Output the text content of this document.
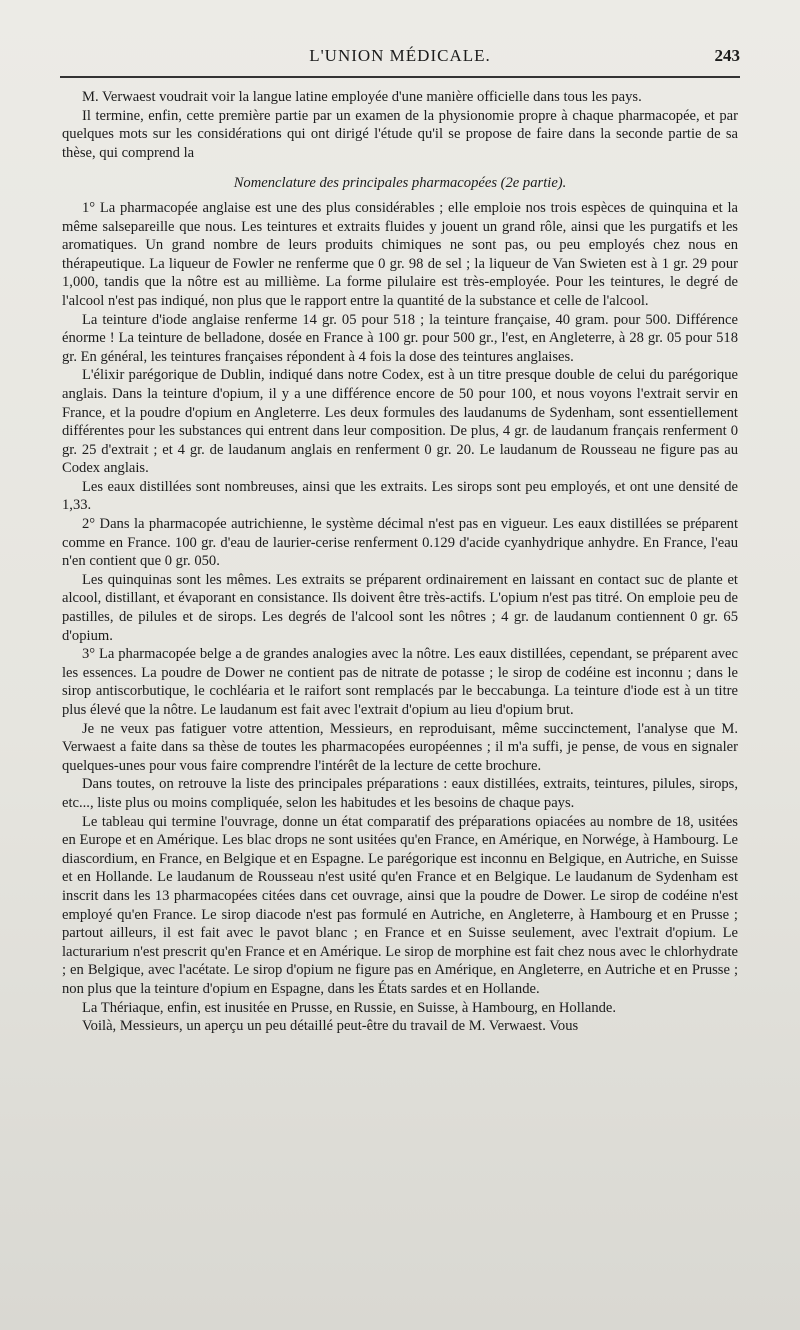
L'UNION MÉDICALE.	243

M. Verwaest voudrait voir la langue latine employée d'une manière officielle dans tous les pays.

Il termine, enfin, cette première partie par un examen de la physionomie propre à chaque pharmacopée, et par quelques mots sur les considérations qui ont dirigé l'étude qu'il se propose de faire dans la seconde partie de sa thèse, qui comprend la

Nomenclature des principales pharmacopées (2e partie).

1° La pharmacopée anglaise est une des plus considérables ; elle emploie nos trois espèces de quinquina et la même salsepareille que nous. Les teintures et extraits fluides y jouent un grand rôle, ainsi que les purgatifs et les aromatiques. Un grand nombre de leurs produits chimiques ne sont pas, ou peu employés chez nous en thérapeutique. La liqueur de Fowler ne renferme que 0 gr. 98 de sel ; la liqueur de Van Swieten est à 1 gr. 29 pour 1,000, tandis que la nôtre est au millième. La forme pilulaire est très-employée. Pour les teintures, le degré de l'alcool n'est pas indiqué, non plus que le rapport entre la quantité de la substance et celle de l'alcool.

La teinture d'iode anglaise renferme 14 gr. 05 pour 518 ; la teinture française, 40 gram. pour 500. Différence énorme ! La teinture de belladone, dosée en France à 100 gr. pour 500 gr., l'est, en Angleterre, à 28 gr. 05 pour 518 gr. En général, les teintures françaises répondent à 4 fois la dose des teintures anglaises.

L'élixir parégorique de Dublin, indiqué dans notre Codex, est à un titre presque double de celui du parégorique anglais. Dans la teinture d'opium, il y a une différence encore de 50 pour 100, et nous voyons l'extrait servir en France, et la poudre d'opium en Angleterre. Les deux formules des laudanums de Sydenham, sont essentiellement différentes pour les substances qui entrent dans leur composition. De plus, 4 gr. de laudanum français renferment 0 gr. 25 d'extrait ; et 4 gr. de laudanum anglais en renferment 0 gr. 20. Le laudanum de Rousseau ne figure pas au Codex anglais.

Les eaux distillées sont nombreuses, ainsi que les extraits. Les sirops sont peu employés, et ont une densité de 1,33.

2° Dans la pharmacopée autrichienne, le système décimal n'est pas en vigueur. Les eaux distillées se préparent comme en France. 100 gr. d'eau de laurier-cerise renferment 0.129 d'acide cyanhydrique anhydre. En France, l'eau n'en contient que 0 gr. 050.

Les quinquinas sont les mêmes. Les extraits se préparent ordinairement en laissant en contact suc de plante et alcool, distillant, et évaporant en consistance. Ils doivent être très-actifs. L'opium n'est pas titré. On emploie peu de pastilles, de pilules et de sirops. Les degrés de l'alcool sont les nôtres ; 4 gr. de laudanum contiennent 0 gr. 65 d'opium.

3° La pharmacopée belge a de grandes analogies avec la nôtre. Les eaux distillées, cependant, se préparent avec les essences. La poudre de Dower ne contient pas de nitrate de potasse ; le sirop de codéine est inconnu ; dans le sirop antiscorbutique, le cochléaria et le raifort sont remplacés par le beccabunga. La teinture d'iode est à un titre plus élevé que la nôtre. Le laudanum est fait avec l'extrait d'opium au lieu d'opium brut.

Je ne veux pas fatiguer votre attention, Messieurs, en reproduisant, même succinctement, l'analyse que M. Verwaest a faite dans sa thèse de toutes les pharmacopées européennes ; il m'a suffi, je pense, de vous en signaler quelques-unes pour vous faire comprendre l'intérêt de la lecture de cette brochure.

Dans toutes, on retrouve la liste des principales préparations : eaux distillées, extraits, teintures, pilules, sirops, etc..., liste plus ou moins compliquée, selon les habitudes et les besoins de chaque pays.

Le tableau qui termine l'ouvrage, donne un état comparatif des préparations opiacées au nombre de 18, usitées en Europe et en Amérique. Les blac drops ne sont usitées qu'en France, en Amérique, en Norwége, à Hambourg. Le diascordium, en France, en Belgique et en Espagne. Le parégorique est inconnu en Belgique, en Autriche, en Suisse et en Hollande. Le laudanum de Rousseau n'est usité qu'en France et en Belgique. Le laudanum de Sydenham est inscrit dans les 13 pharmacopées citées dans cet ouvrage, ainsi que la poudre de Dower. Le sirop de codéine n'est employé qu'en France. Le sirop diacode n'est pas formulé en Autriche, en Angleterre, à Hambourg et en Prusse ; partout ailleurs, il est fait avec le pavot blanc ; en France et en Suisse seulement, avec l'extrait d'opium. Le lacturarium n'est prescrit qu'en France et en Amérique. Le sirop de morphine est fait chez nous avec le chlorhydrate ; en Belgique, avec l'acétate. Le sirop d'opium ne figure pas en Amérique, en Angleterre, en Autriche et en Prusse ; non plus que la teinture d'opium en Espagne, dans les États sardes et en Hollande.

La Thériaque, enfin, est inusitée en Prusse, en Russie, en Suisse, à Hambourg, en Hollande.

Voilà, Messieurs, un aperçu un peu détaillé peut-être du travail de M. Verwaest. Vous
